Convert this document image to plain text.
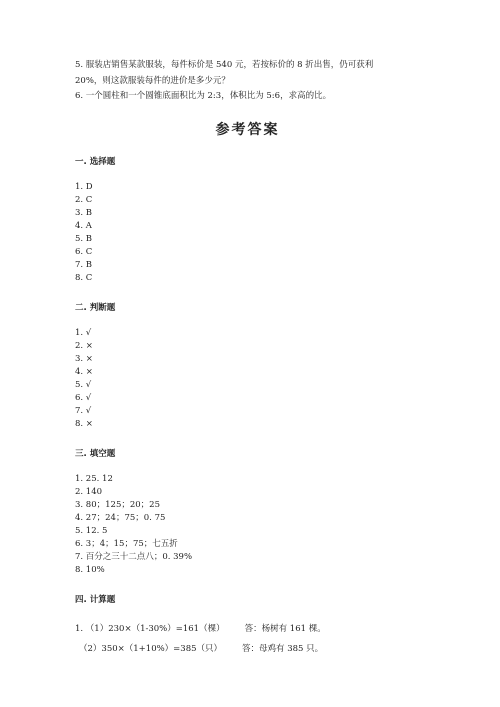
5. 服装店销售某款服装，每件标价是 540 元，若按标价的 8 折出售，仍可获利
20%，则这款服装每件的进价是多少元？
6. 一个圆柱和一个圆锥底面积比为 2:3，体积比为 5:6，求高的比。
参考答案
一. 选择题
1. D
2. C
3. B
4. A
5. B
6. C
7. B
8. C
二. 判断题
1. √
2. ×
3. ×
4. ×
5. √
6. √
7. √
8. ×
三. 填空题
1. 25. 12
2. 140
3. 80；125；20；25
4. 27；24；75；0. 75
5. 12. 5
6. 3；4；15；75；七五折
7. 百分之三十二点八；0. 39%
8. 10%
四. 计算题
1. （1）230×（1-30%）=161（棵） 答：杨树有 161 棵。
（2）350×（1+10%）=385（只） 答：母鸡有 385 只。
